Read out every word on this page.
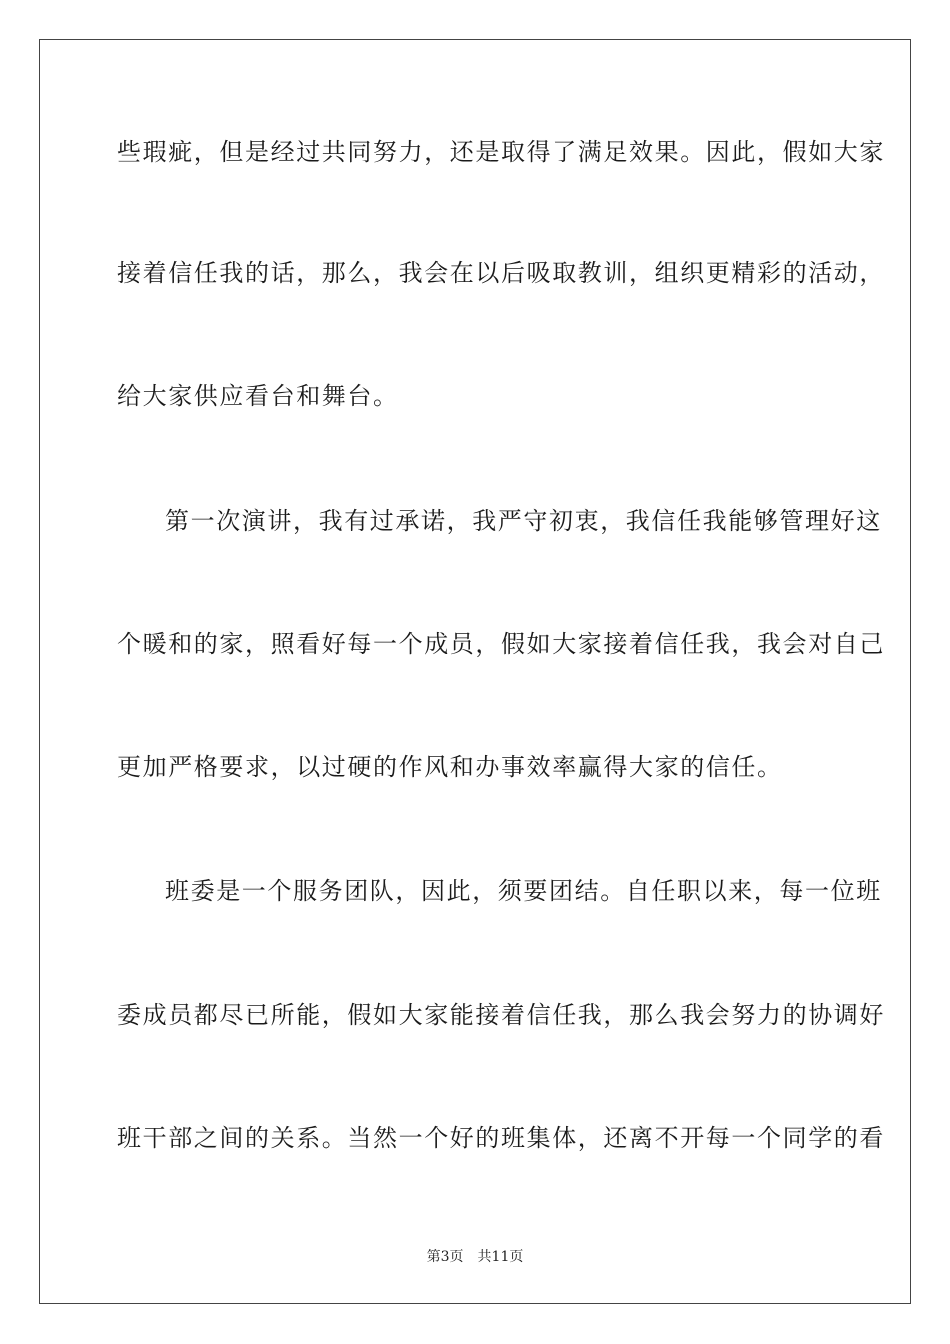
些瑕疵，但是经过共同努力，还是取得了满足效果。因此，假如大家
接着信任我的话，那么，我会在以后吸取教训，组织更精彩的活动，
给大家供应看台和舞台。
第一次演讲，我有过承诺，我严守初衷，我信任我能够管理好这
个暖和的家，照看好每一个成员，假如大家接着信任我，我会对自己
更加严格要求，以过硬的作风和办事效率赢得大家的信任。
班委是一个服务团队，因此，须要团结。自任职以来，每一位班
委成员都尽已所能，假如大家能接着信任我，那么我会努力的协调好
班干部之间的关系。当然一个好的班集体，还离不开每一个同学的看
第3页 共11页
